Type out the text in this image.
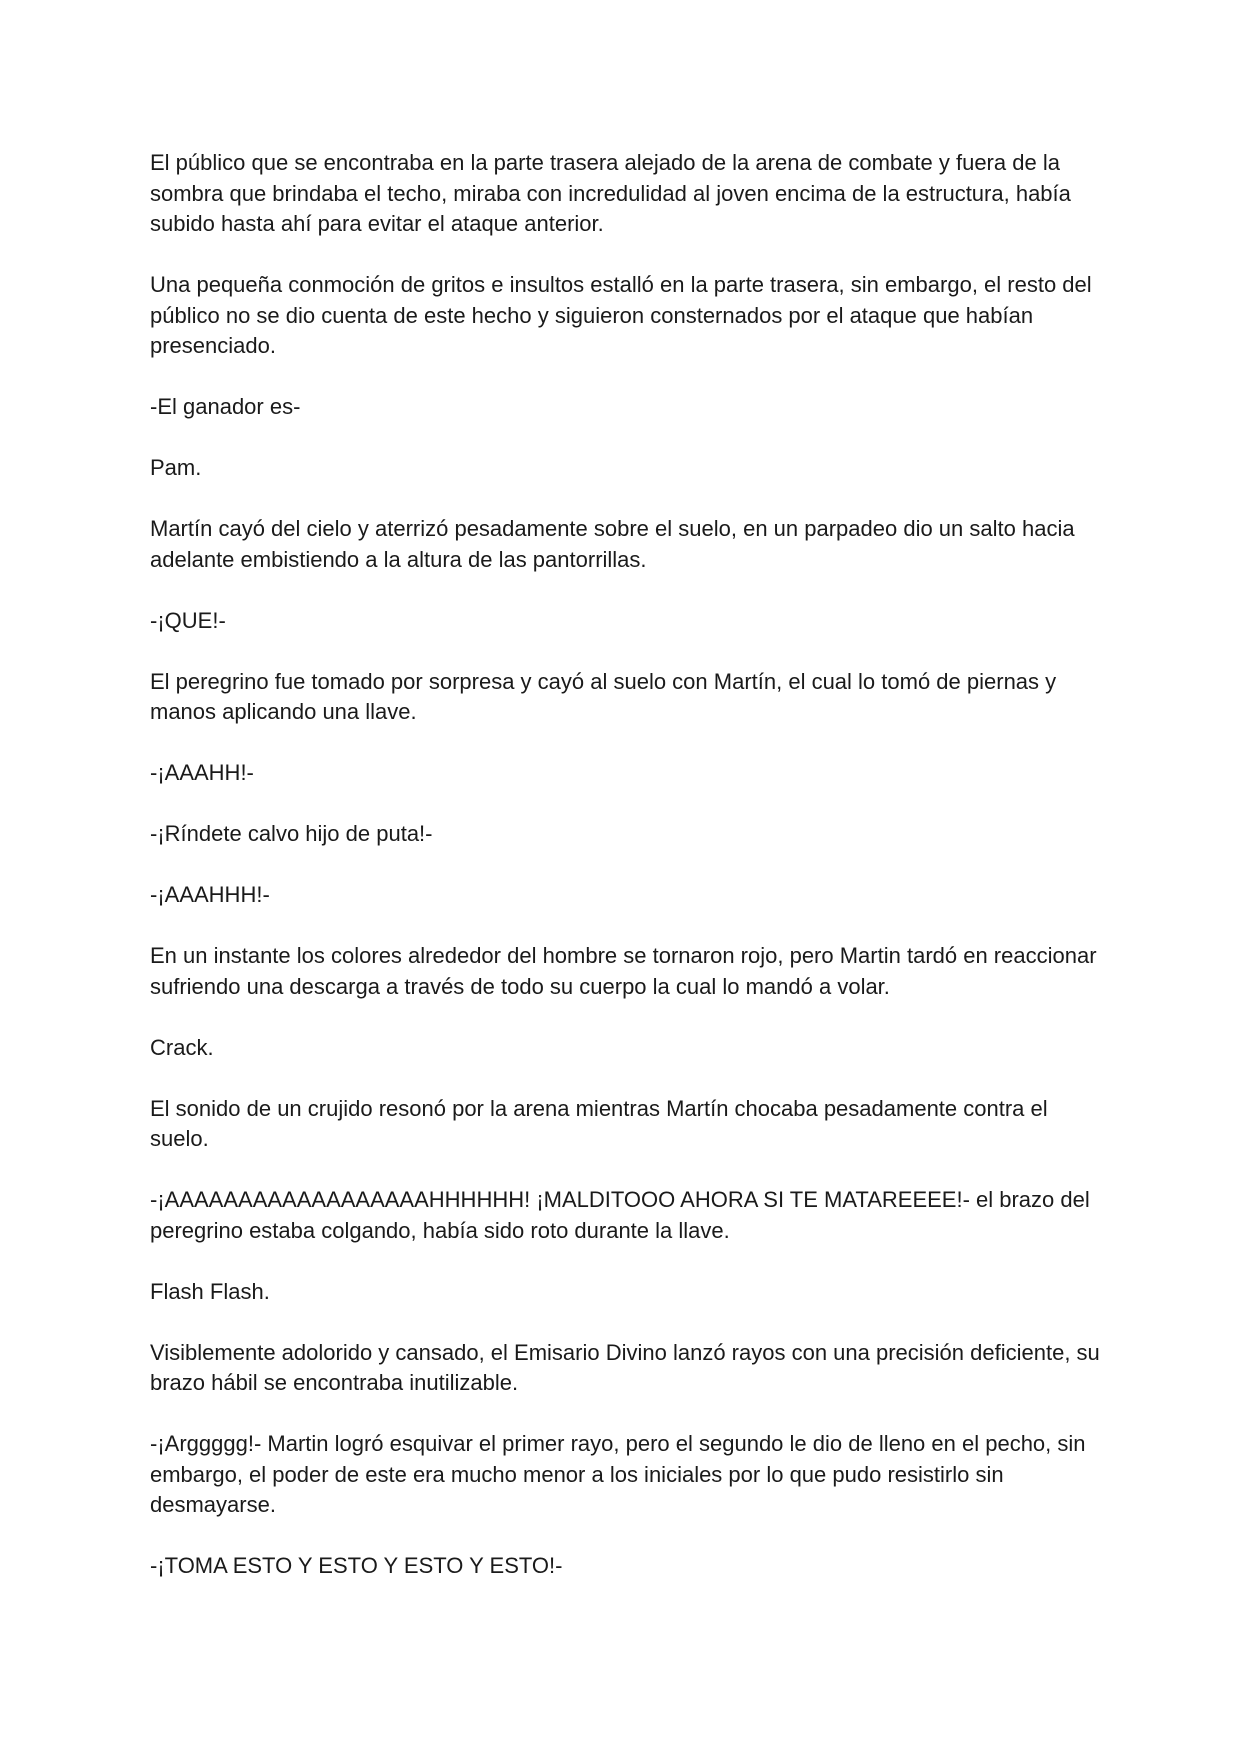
El público que se encontraba en la parte trasera alejado de la arena de combate y fuera de la sombra que brindaba el techo, miraba con incredulidad al joven encima de la estructura, había subido hasta ahí para evitar el ataque anterior.

Una pequeña conmoción de gritos e insultos estalló en la parte trasera, sin embargo, el resto del público no se dio cuenta de este hecho y siguieron consternados por el ataque que habían presenciado.

-El ganador es-

Pam.

Martín cayó del cielo y aterrizó pesadamente sobre el suelo, en un parpadeo dio un salto hacia adelante embistiendo a la altura de las pantorrillas.

-¡QUE!-

El peregrino fue tomado por sorpresa y cayó al suelo con Martín, el cual lo tomó de piernas y manos aplicando una llave.

-¡AAAHH!-

-¡Ríndete calvo hijo de puta!-

-¡AAAHHH!-

En un instante los colores alrededor del hombre se tornaron rojo, pero Martin tardó en reaccionar sufriendo una descarga a través de todo su cuerpo la cual lo mandó a volar.

Crack.

El sonido de un crujido resonó por la arena mientras Martín chocaba pesadamente contra el suelo.

-¡AAAAAAAAAAAAAAAAAAHHHHHH! ¡MALDITOOO AHORA SI TE MATAREEEE!- el brazo del peregrino estaba colgando, había sido roto durante la llave.

Flash Flash.

Visiblemente adolorido y cansado, el Emisario Divino lanzó rayos con una precisión deficiente, su brazo hábil se encontraba inutilizable.

-¡Arggggg!- Martin logró esquivar el primer rayo, pero el segundo le dio de lleno en el pecho, sin embargo, el poder de este era mucho menor a los iniciales por lo que pudo resistirlo sin desmayarse.

-¡TOMA ESTO Y ESTO Y ESTO Y ESTO!-
